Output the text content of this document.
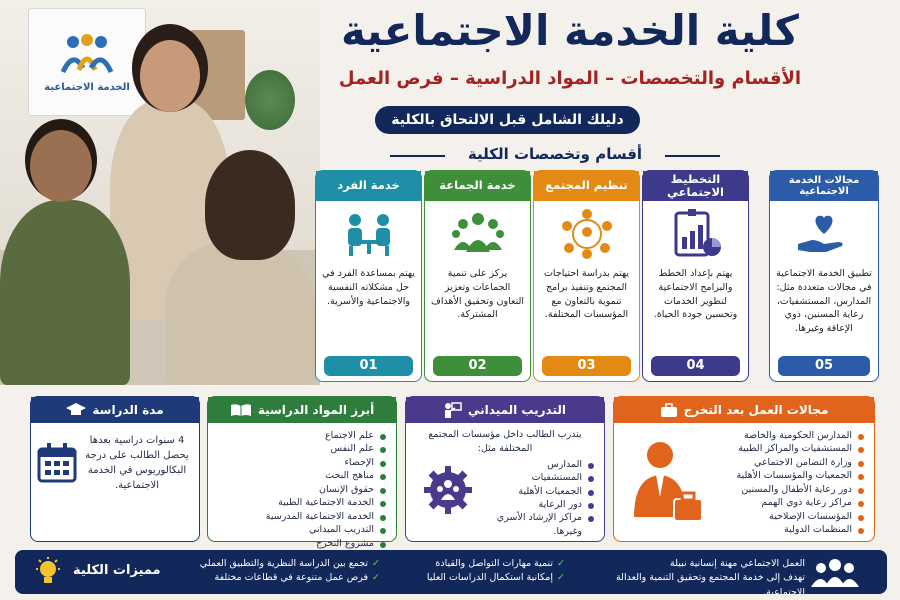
الخدمة الاجتماعية
كلية الخدمة الاجتماعية
الأقسام والتخصصات – المواد الدراسية – فرص العمل
دليلك الشامل قبل الالتحاق بالكلية
أقسام وتخصصات الكلية
خدمة الفرد
يهتم بمساعدة الفرد في حل مشكلاته النفسية والاجتماعية والأسرية.
01
خدمة الجماعة
يركز على تنمية الجماعات وتعزيز التعاون وتحقيق الأهداف المشتركة.
02
تنظيم المجتمع
يهتم بدراسة احتياجات المجتمع وتنفيذ برامج تنموية بالتعاون مع المؤسسات المختلفة.
03
التخطيط الاجتماعي
يهتم بإعداد الخطط والبرامج الاجتماعية لتطوير الخدمات وتحسين جودة الحياة.
04
مجالات الخدمة الاجتماعية
تطبيق الخدمة الاجتماعية في مجالات متعددة مثل: المدارس، المستشفيات، رعاية المسنين، ذوي الإعاقة وغيرها.
05
مدة الدراسة
4 سنوات دراسية بعدها يحصل الطالب على درجة البكالوريوس في الخدمة الاجتماعية.
أبرز المواد الدراسية
علم الاجتماع
علم النفس
الإحصاء
مناهج البحث
حقوق الإنسان
الخدمة الاجتماعية الطبية
الخدمة الاجتماعية المدرسية
التدريب الميداني
مشروع التخرج
التدريب الميداني
يتدرب الطالب داخل مؤسسات المجتمع المختلفة مثل:
المدارس
المستشفيات
الجمعيات الأهلية
دور الرعاية
مراكز الإرشاد الأسري وغيرها.
مجالات العمل بعد التخرج
المدارس الحكومية والخاصة
المستشفيات والمراكز الطبية
وزارة التضامن الاجتماعي
الجمعيات والمؤسسات الأهلية
دور رعاية الأطفال والمسنين
مراكز رعاية ذوي الهمم
المؤسسات الإصلاحية
المنظمات الدولية
مميزات الكلية	✓تجمع بين الدراسة النظرية والتطبيق العملي
✓فرص عمل متنوعة في قطاعات مختلفة
✓تنمية مهارات التواصل والقيادة
✓إمكانية استكمال الدراسات العليا
العمل الاجتماعي مهنة إنسانية نبيلة
تهدف إلى خدمة المجتمع وتحقيق التنمية والعدالة الاجتماعية.
